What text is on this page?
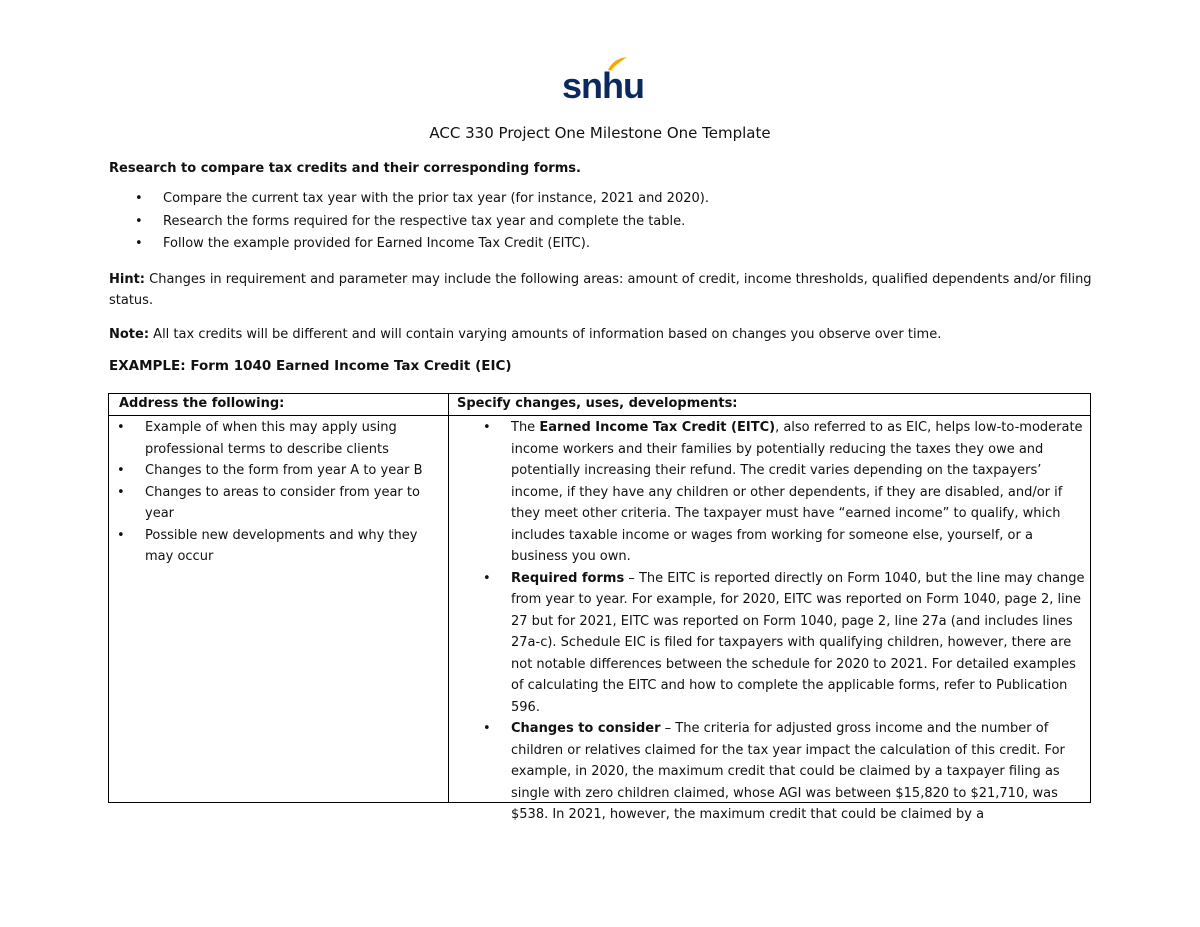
snhu
ACC 330 Project One Milestone One Template
Research to compare tax credits and their corresponding forms.
• Compare the current tax year with the prior tax year (for instance, 2021 and 2020).
• Research the forms required for the respective tax year and complete the table.
• Follow the example provided for Earned Income Tax Credit (EITC).
Hint: Changes in requirement and parameter may include the following areas: amount of credit, income thresholds, qualified dependents and/or filing status.
Note: All tax credits will be different and will contain varying amounts of information based on changes you observe over time.
EXAMPLE: Form 1040 Earned Income Tax Credit (EIC)
Address the following:	Specify changes, uses, developments:
• Example of when this may apply using professional terms to describe clients
• Changes to the form from year A to year B
• Changes to areas to consider from year to year
• Possible new developments and why they may occur
• The Earned Income Tax Credit (EITC), also referred to as EIC, helps low-to-moderate income workers and their families by potentially reducing the taxes they owe and potentially increasing their refund. The credit varies depending on the taxpayers’ income, if they have any children or other dependents, if they are disabled, and/or if they meet other criteria. The taxpayer must have “earned income” to qualify, which includes taxable income or wages from working for someone else, yourself, or a business you own.
• Required forms – The EITC is reported directly on Form 1040, but the line may change from year to year. For example, for 2020, EITC was reported on Form 1040, page 2, line 27 but for 2021, EITC was reported on Form 1040, page 2, line 27a (and includes lines 27a-c). Schedule EIC is filed for taxpayers with qualifying children, however, there are not notable differences between the schedule for 2020 to 2021. For detailed examples of calculating the EITC and how to complete the applicable forms, refer to Publication 596.
• Changes to consider – The criteria for adjusted gross income and the number of children or relatives claimed for the tax year impact the calculation of this credit. For example, in 2020, the maximum credit that could be claimed by a taxpayer filing as single with zero children claimed, whose AGI was between $15,820 to $21,710, was $538. In 2021, however, the maximum credit that could be claimed by a
